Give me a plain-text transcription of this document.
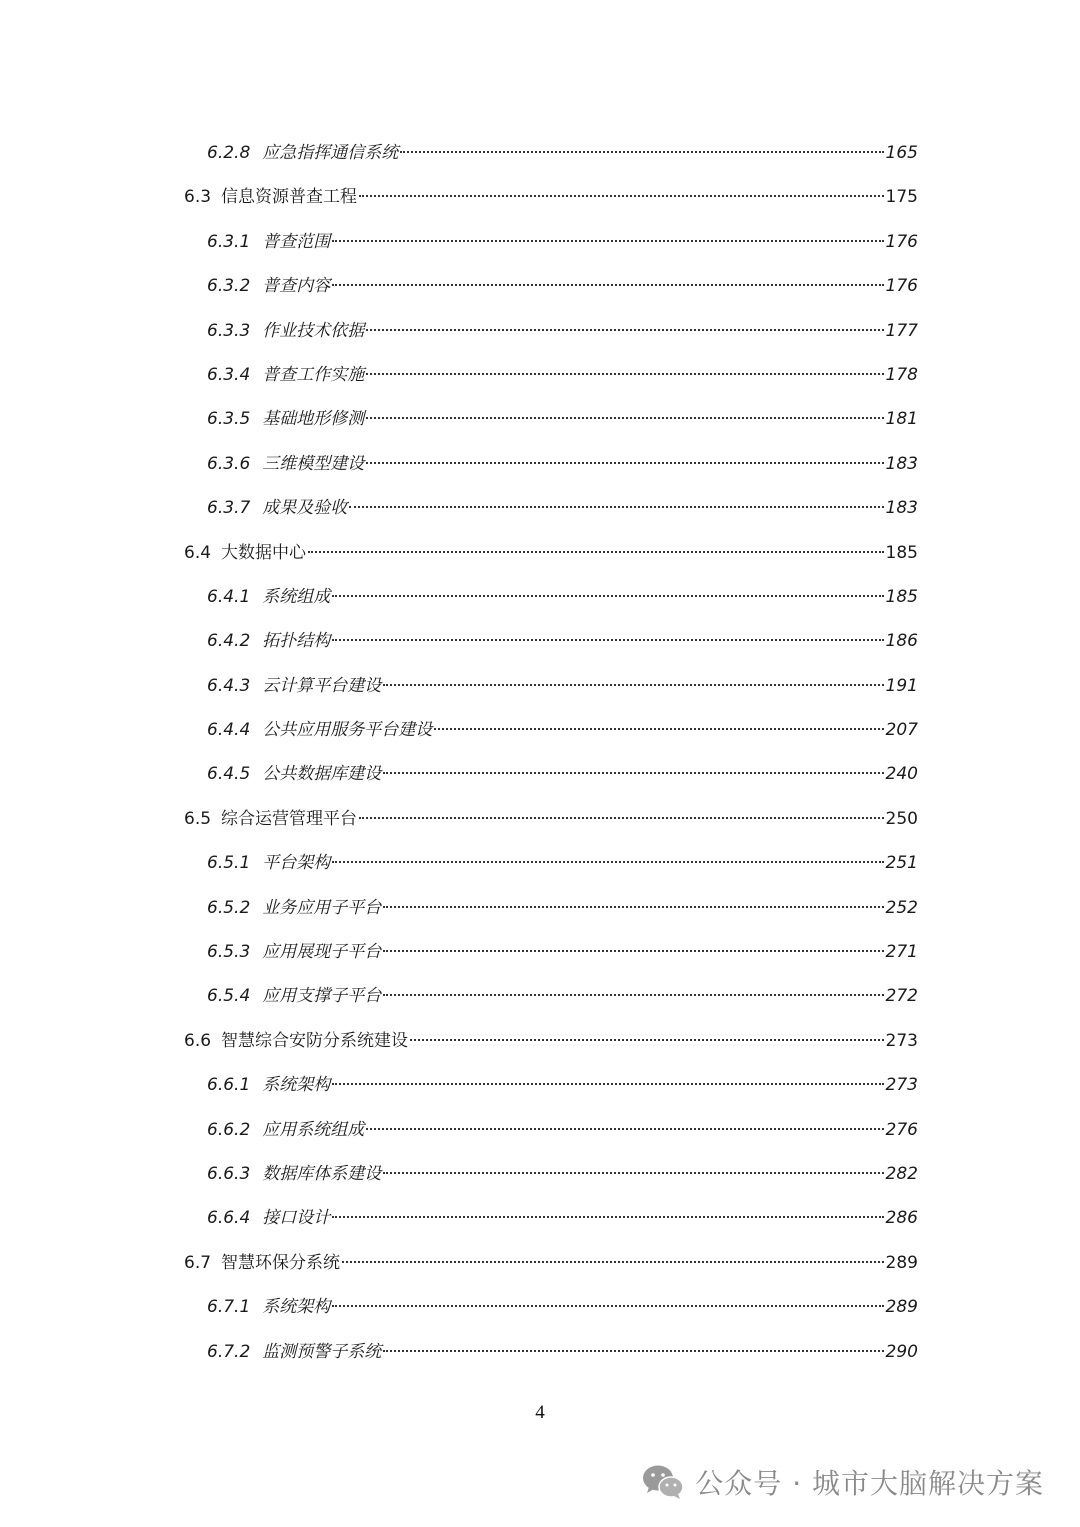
6.2.8 应急指挥通信系统	165
6.3 信息资源普查工程	175
6.3.1 普查范围	176
6.3.2 普查内容	176
6.3.3 作业技术依据	177
6.3.4 普查工作实施	178
6.3.5 基础地形修测	181
6.3.6 三维模型建设	183
6.3.7 成果及验收	183
6.4 大数据中心	185
6.4.1 系统组成	185
6.4.2 拓扑结构	186
6.4.3 云计算平台建设	191
6.4.4 公共应用服务平台建设	207
6.4.5 公共数据库建设	240
6.5 综合运营管理平台	250
6.5.1 平台架构	251
6.5.2 业务应用子平台	252
6.5.3 应用展现子平台	271
6.5.4 应用支撑子平台	272
6.6 智慧综合安防分系统建设	273
6.6.1 系统架构	273
6.6.2 应用系统组成	276
6.6.3 数据库体系建设	282
6.6.4 接口设计	286
6.7 智慧环保分系统	289
6.7.1 系统架构	289
6.7.2 监测预警子系统	290
4
公众号 · 城市大脑解决方案
